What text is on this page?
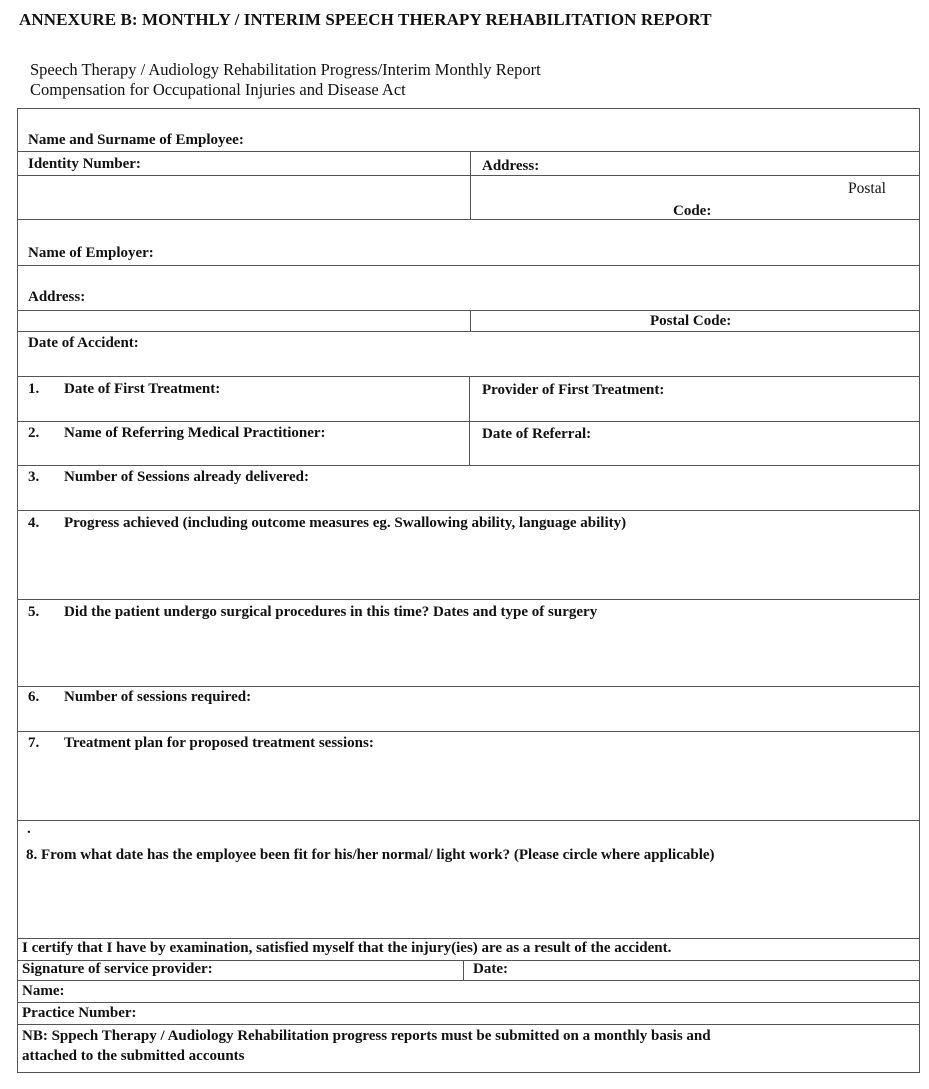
ANNEXURE B: MONTHLY / INTERIM SPEECH THERAPY REHABILITATION REPORT
Speech Therapy / Audiology Rehabilitation Progress/Interim Monthly Report
Compensation for Occupational Injuries and Disease Act
Name and Surname of Employee:
Identity Number:	Address:
Postal
Code:
Name of Employer:
Address:
Postal Code:
Date of Accident:
1. Date of First Treatment:	Provider of First Treatment:
2. Name of Referring Medical Practitioner:	Date of Referral:
3. Number of Sessions already delivered:
4. Progress achieved (including outcome measures eg. Swallowing ability, language ability)
5. Did the patient undergo surgical procedures in this time? Dates and type of surgery
6. Number of sessions required:
7. Treatment plan for proposed treatment sessions:
.
8. From what date has the employee been fit for his/her normal/ light work? (Please circle where applicable)
I certify that I have by examination, satisfied myself that the injury(ies) are as a result of the accident.
Signature of service provider:	Date:
Name:
Practice Number:
NB: Sppech Therapy / Audiology Rehabilitation progress reports must be submitted on a monthly basis and
attached to the submitted accounts
